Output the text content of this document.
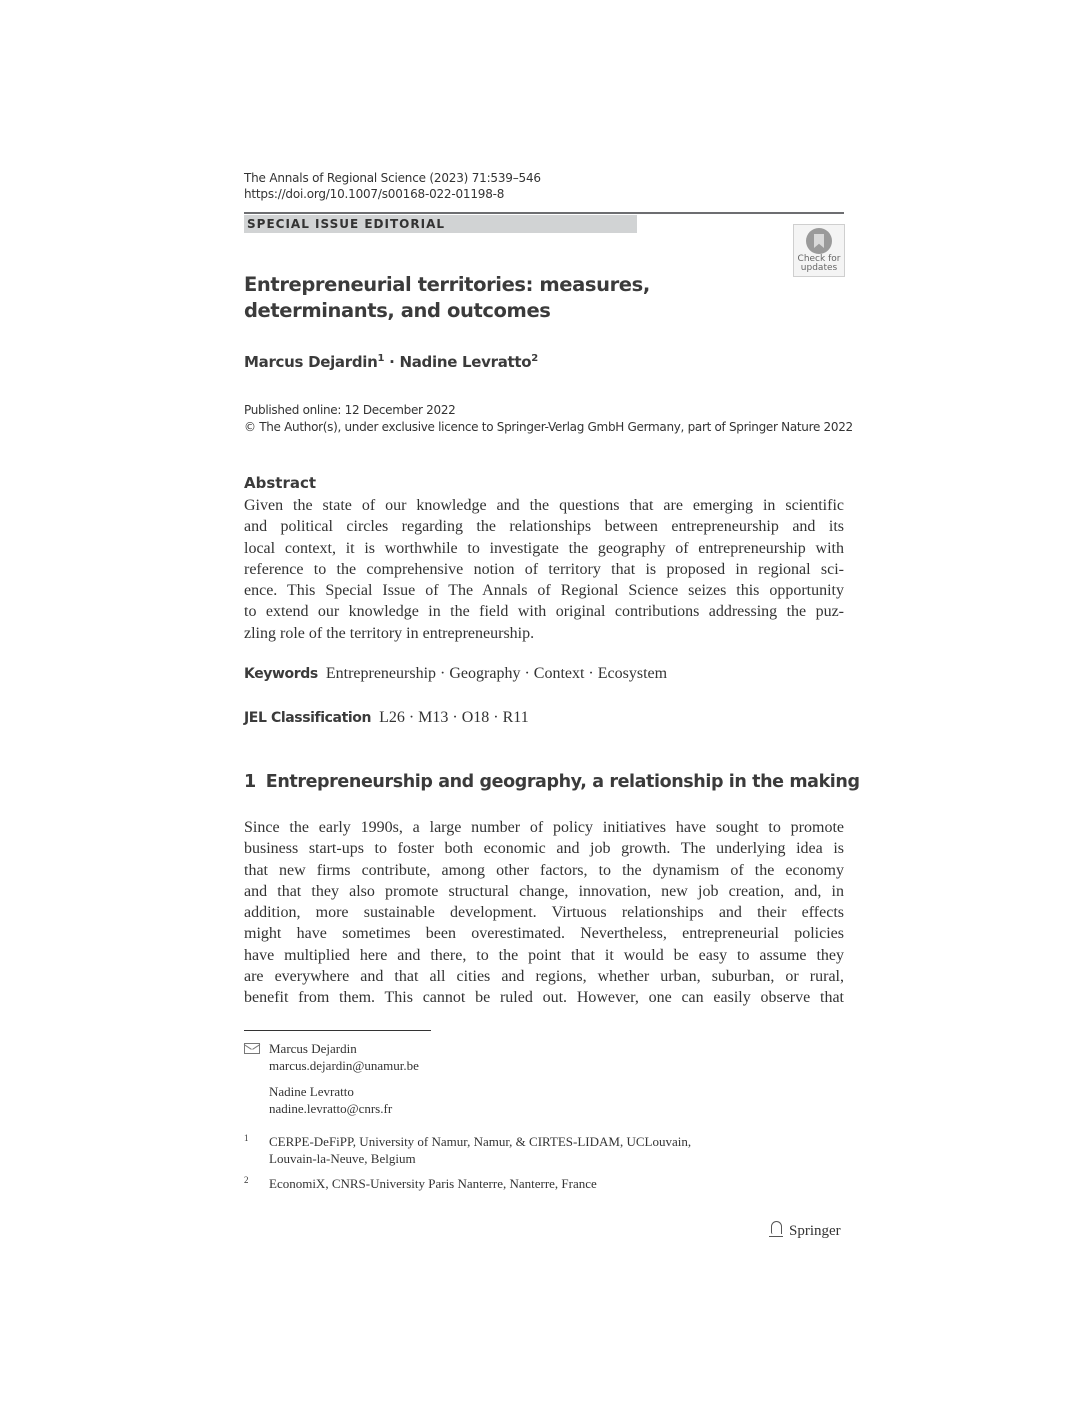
The Annals of Regional Science (2023) 71:539–546
https://doi.org/10.1007/s00168-022-01198-8
SPECIAL ISSUE EDITORIAL
Check for
updates
Entrepreneurial territories: measures, determinants, and outcomes
Marcus Dejardin$^1$ · Nadine Levratto$^2$
Published online: 12 December 2022
© The Author(s), under exclusive licence to Springer-Verlag GmbH Germany, part of Springer Nature 2022
Abstract
Given the state of our knowledge and the questions that are emerging in scientific
and political circles regarding the relationships between entrepreneurship and its
local context, it is worthwhile to investigate the geography of entrepreneurship with
reference to the comprehensive notion of territory that is proposed in regional sci-
ence. This Special Issue of The Annals of Regional Science seizes this opportunity
to extend our knowledge in the field with original contributions addressing the puz-
zling role of the territory in entrepreneurship.
Keywords Entrepreneurship · Geography · Context · Ecosystem
JEL Classification L26 · M13 · O18 · R11
1 Entrepreneurship and geography, a relationship in the making
Since the early 1990s, a large number of policy initiatives have sought to promote
business start-ups to foster both economic and job growth. The underlying idea is
that new firms contribute, among other factors, to the dynamism of the economy
and that they also promote structural change, innovation, new job creation, and, in
addition, more sustainable development. Virtuous relationships and their effects
might have sometimes been overestimated. Nevertheless, entrepreneurial policies
have multiplied here and there, to the point that it would be easy to assume they
are everywhere and that all cities and regions, whether urban, suburban, or rural,
benefit from them. This cannot be ruled out. However, one can easily observe that
Marcus Dejardin
marcus.dejardin@unamur.be
Nadine Levratto
nadine.levratto@cnrs.fr
1 CERPE-DeFiPP, University of Namur, Namur, & CIRTES-LIDAM, UCLouvain,
Louvain-la-Neuve, Belgium
2 EconomiX, CNRS-University Paris Nanterre, Nanterre, France
Springer
